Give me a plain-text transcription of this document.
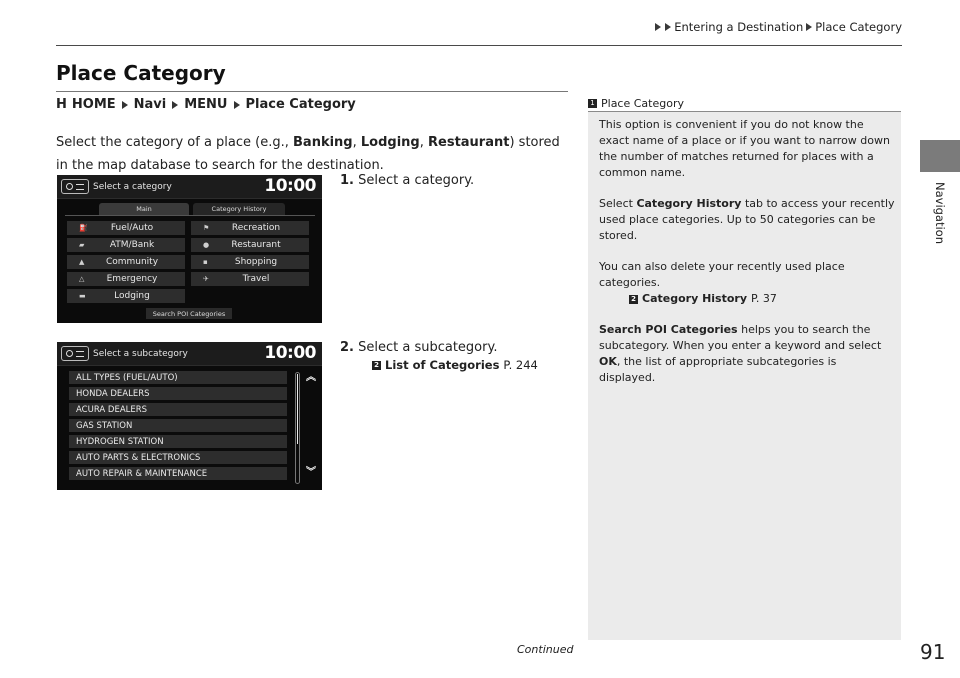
Entering a Destination Place Category
Navigation
Place Category
H HOME Navi MENU Place Category
Select the category of a place (e.g., Banking, Lodging, Restaurant) stored in the map database to search for the destination.
1. Select a category.
2. Select a subcategory.
2 List of Categories P. 244
Select a category	10:00
Main	Category History
⛽	Fuel/Auto	⚑	Recreation
▰	ATM/Bank	●	Restaurant
▲	Community	▪	Shopping
△	Emergency	✈	Travel
▬	Lodging
Search POI Categories
Select a subcategory	10:00
ALL TYPES (FUEL/AUTO)
HONDA DEALERS
ACURA DEALERS
GAS STATION
HYDROGEN STATION
AUTO PARTS & ELECTRONICS
AUTO REPAIR & MAINTENANCE
︽
︾
1 Place Category

This option is convenient if you do not know the exact name of a place or if you want to narrow down the number of matches returned for places with a common name.

Select Category History tab to access your recently used place categories. Up to 50 categories can be stored.

You can also delete your recently used place categories.

2 Category History P. 37

Search POI Categories helps you to search the subcategory. When you enter a keyword and select OK, the list of appropriate subcategories is displayed.

Continued	91
